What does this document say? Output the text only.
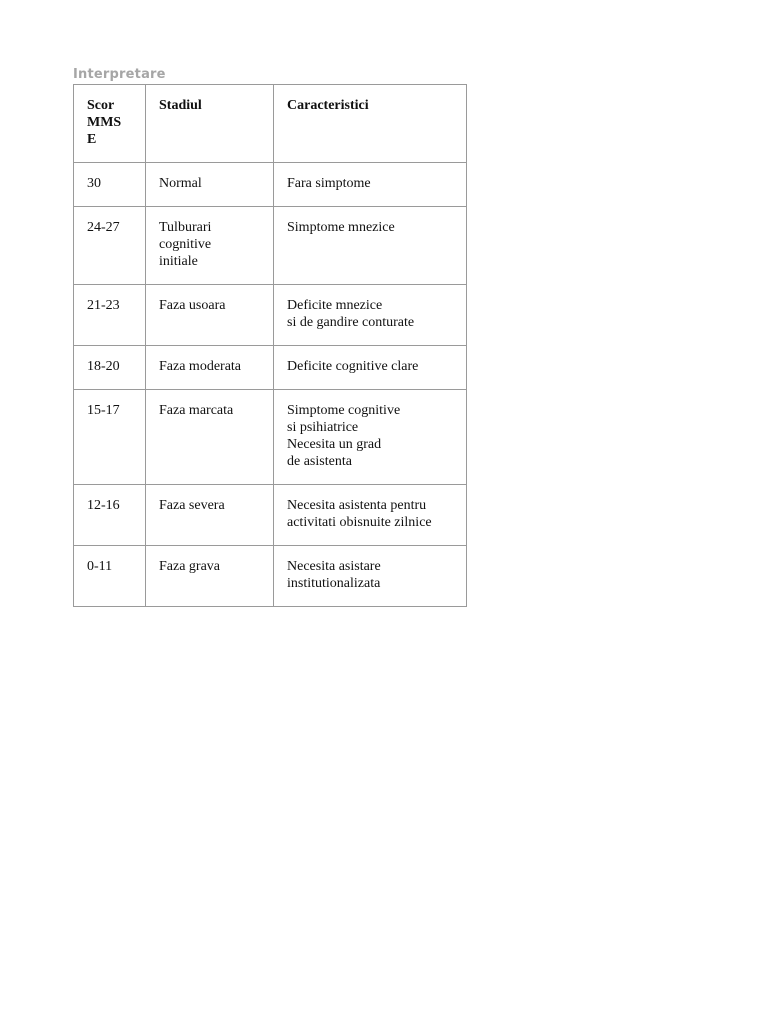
Interpretare
Scor
MMS
E	Stadiul	Caracteristici
30	Normal	Fara simptome

24-27	Tulburari
cognitive
initiale	Simptome mnezice

21-23	Faza usoara	Deficite mnezice
si de gandire conturate

18-20	Faza moderata	Deficite cognitive clare

15-17	Faza marcata	Simptome cognitive
si psihiatrice
Necesita un grad
de asistenta

12-16	Faza severa	Necesita asistenta pentru
activitati obisnuite zilnice

0-11	Faza grava	Necesita asistare
institutionalizata
